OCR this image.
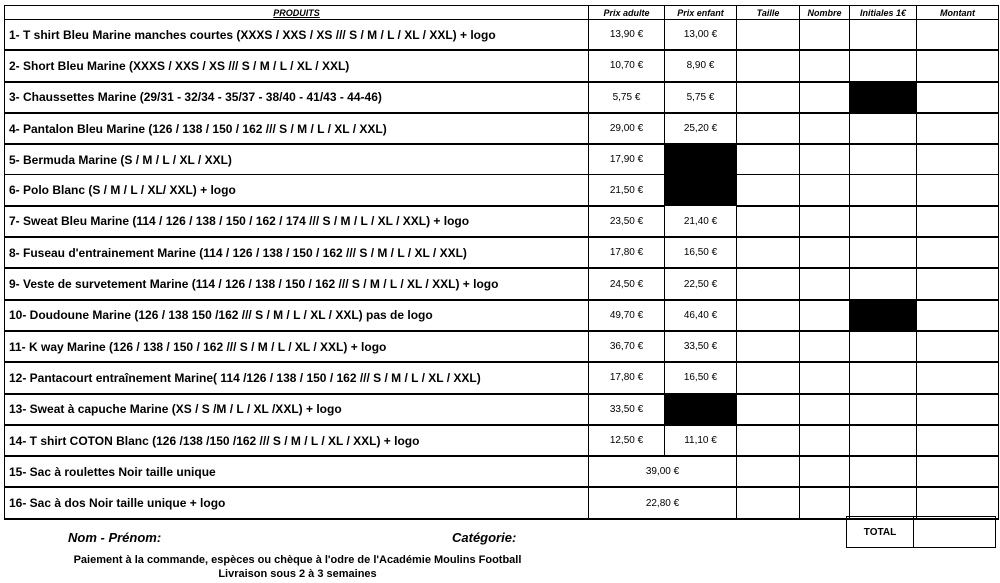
PRODUITS	Prix adulte	Prix enfant	Taille	Nombre	Initiales 1€	Montant
1- T shirt Bleu Marine manches courtes (XXXS / XXS / XS /// S / M / L / XL / XXL) + logo	13,90 €	13,00 €				
2- Short Bleu Marine (XXXS / XXS / XS /// S / M / L / XL / XXL)	10,70 €	8,90 €				
3- Chaussettes Marine (29/31 - 32/34 - 35/37 - 38/40 - 41/43 - 44-46)	5,75 €	5,75 €				
4- Pantalon Bleu Marine (126 / 138 / 150 / 162 /// S / M / L / XL / XXL)	29,00 €	25,20 €				
5- Bermuda Marine (S / M / L / XL / XXL)	17,90 €					
6- Polo Blanc (S / M / L / XL/ XXL) + logo	21,50 €					
7- Sweat Bleu Marine (114 / 126 / 138 / 150 / 162 / 174 /// S / M / L / XL / XXL) + logo	23,50 €	21,40 €				
8- Fuseau d'entrainement Marine (114 / 126 / 138 / 150 / 162 /// S / M / L / XL / XXL)	17,80 €	16,50 €				
9- Veste de survetement Marine (114 / 126 / 138 / 150 / 162 /// S / M / L / XL / XXL) + logo	24,50 €	22,50 €				
10- Doudoune Marine (126 / 138 150 /162 /// S / M / L / XL / XXL) pas de logo	49,70 €	46,40 €				
11- K way Marine (126 / 138 / 150 / 162 /// S / M / L / XL / XXL) + logo	36,70 €	33,50 €				
12- Pantacourt entraînement Marine( 114 /126 / 138 / 150 / 162 /// S / M / L / XL / XXL)	17,80 €	16,50 €				
13- Sweat à capuche Marine (XS / S /M / L / XL /XXL) + logo	33,50 €					
14- T shirt COTON Blanc (126 /138 /150 /162 /// S / M / L / XL / XXL) + logo	12,50 €	11,10 €				
15- Sac à roulettes Noir taille unique	39,00 €					
16- Sac à dos Noir taille unique + logo	22,80 €					
TOTAL	
Nom - Prénom:	Catégorie:
Paiement à la commande, espèces ou chèque à l'odre de l'Académie Moulins Football
Livraison sous 2 à 3 semaines
